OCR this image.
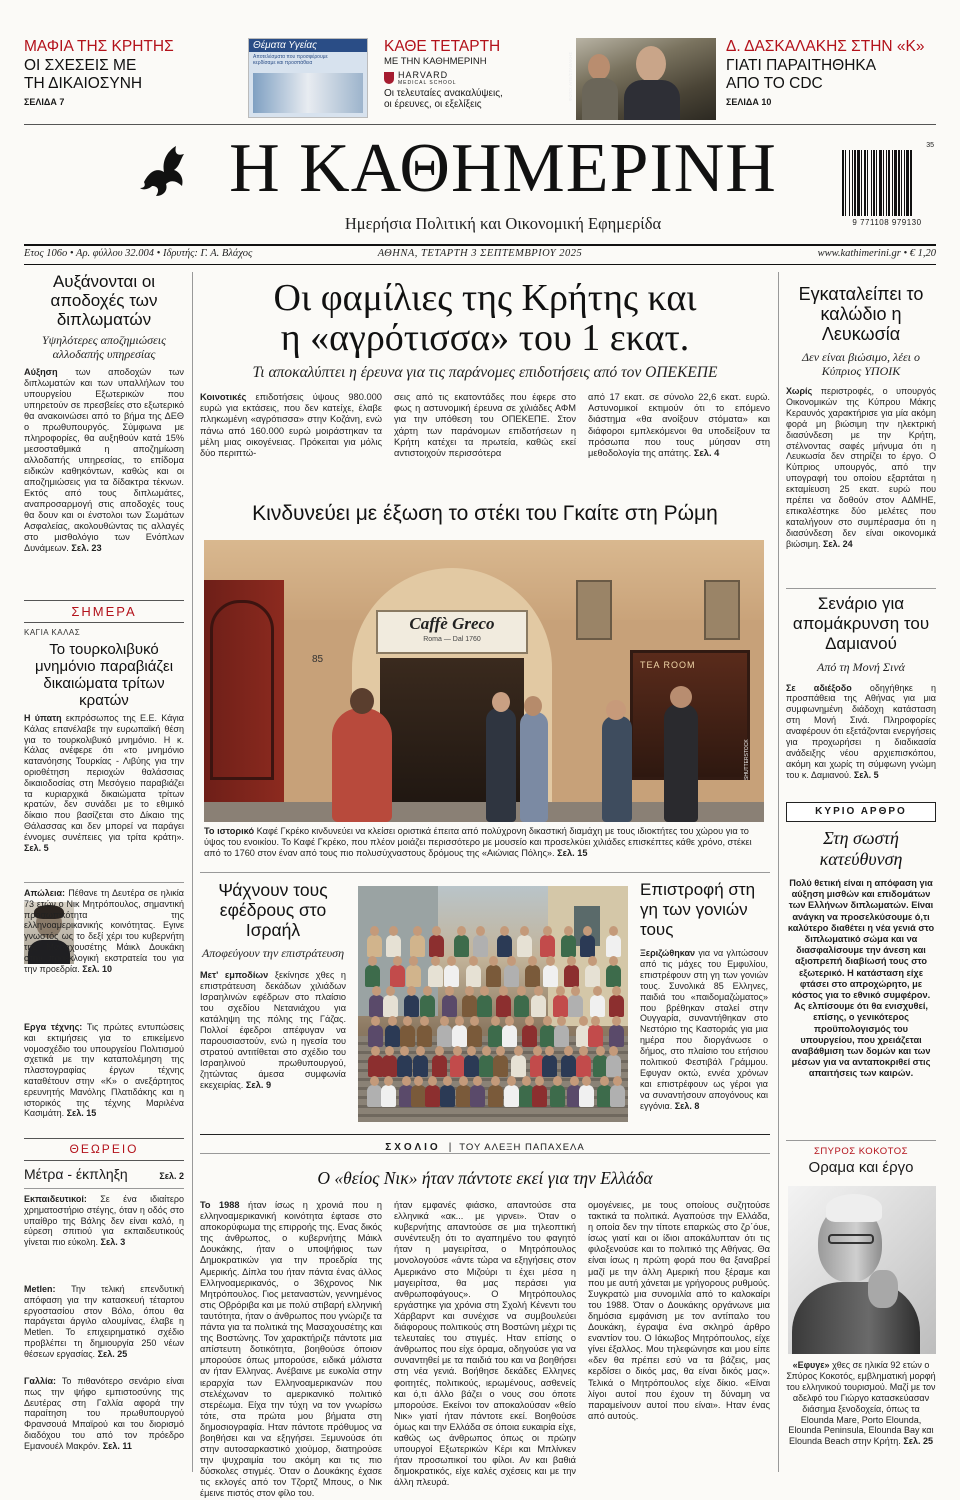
ΜΑΦΙΑ ΤΗΣ ΚΡΗΤΗΣ
ΟΙ ΣΧΕΣΕΙΣ ΜΕ
ΤΗ ΔΙΚΑΙΟΣΥΝΗ
ΣΕΛΙΔΑ 7
Θέματα Υγείας
Αποτελέσματα που προσφέρουμε κερδίσαμε και προσπάθεια
ΚΑΘΕ ΤΕΤΑΡΤΗ
ΜΕ ΤΗΝ ΚΑΘΗΜΕΡΙΝΗ
HARVARD
MEDICAL SCHOOL
Οι τελευταίες ανακαλύψεις,
οι έρευνες, οι εξελίξεις
ΦΩΤΟ: ΑΠΕ/ΣΤΑΘΑΚΗΣ
Δ. ΔΑΣΚΑΛΑΚΗΣ ΣΤΗΝ «Κ»
ΓΙΑΤΙ ΠΑΡΑΙΤΗΘΗΚΑ
ΑΠΟ ΤΟ CDC
ΣΕΛΙΔΑ 10
Η ΚΑΘΗΜΕΡΙΝΗ
Ημερήσια Πολιτική και Οικονομική Εφημερίδα
35
9 771108 979130
Ετος 106ο • Αρ. φύλλου 32.004 • Ιδρυτής: Γ. Α. Βλάχος	ΑΘΗΝΑ, ΤΕΤΑΡΤΗ 3 ΣΕΠΤΕΜΒΡΙΟΥ 2025	www.kathimerini.gr • € 1,20
Αυξάνονται οι αποδοχές των διπλωματών
Υψηλότερες αποζημιώσεις αλλοδαπής υπηρεσίας
Αύξηση των αποδοχών των διπλωματών και των υπαλλήλων του υπουργείου Εξωτερικών που υπηρετούν σε πρεσβείες στο εξωτερικό θα ανακοινώσει από το βήμα της ΔΕΘ ο πρωθυπουργός. Σύμφωνα με πληροφορίες, θα αυξηθούν κατά 15% μεσοσταθμικά η αποζημίωση αλλοδαπής υπηρεσίας, το επίδομα ειδικών καθηκόντων, καθώς και οι αποζημιώσεις για τα δίδακτρα τέκνων. Εκτός από τους διπλωμάτες, αναπροσαρμογή στις αποδοχές τους θα δουν και οι ένστολοι των Σωμάτων Ασφαλείας, ακολουθώντας τις αλλαγές στο μισθολόγιο των Ενόπλων Δυνάμεων. Σελ. 23
ΣΗΜΕΡΑ
ΚΑΓΙΑ ΚΑΛΑΣ
Το τουρκολιβυκό μνημόνιο παραβιάζει δικαιώματα τρίτων κρατών
Η ύπατη εκπρόσωπος της Ε.Ε. Κάγια Κάλας επανέλαβε την ευρωπαϊκή θέση για το τουρκολιβυκό μνημόνιο. Η κ. Κάλας ανέφερε ότι «το μνημόνιο κατανόησης Τουρκίας - Λιβύης για την οριοθέτηση περιοχών θαλάσσιας δικαιοδοσίας στη Μεσόγειο παραβιάζει τα κυριαρχικά δικαιώματα τρίτων κρατών, δεν συνάδει με το εθιμικό δίκαιο που βασίζεται στο Δίκαιο της Θάλασσας και δεν μπορεί να παράγει έννομες συνέπειες για τρίτα κράτη». Σελ. 5
Απώλεια: Πέθανε τη Δευτέρα σε ηλικία 73 ετών ο Νικ Μητρόπουλος, σημαντική προσωπικότητα της ελληνοαμερικανικής κοινότητας. Εγινε γνωστός ως το δεξί χέρι του κυβερνήτη της Μασαχουσέτης Μάικλ Δουκάκη στην προεκλογική εκστρατεία του για την προεδρία. Σελ. 10
Εργα τέχνης: Τις πρώτες εντυπώσεις και εκτιμήσεις για το επικείμενο νομοσχέδιο του υπουργείου Πολιτισμού σχετικά με την καταπολέμηση της πλαστογραφίας έργων τέχνης καταθέτουν στην «Κ» ο ανεξάρτητος ερευνητής Μανόλης Πλατιδάκης και η ιστορικός της τέχνης Μαριλένα Κασιμάτη. Σελ. 15
ΘΕΩΡΕΙΟ
Μέτρα - έκπληξη	Σελ. 2
Εκπαιδευτικοί: Σε ένα ιδιαίτερο χρηματοστήριο στέγης, όταν η οδός στο υπαίθρο της Βάλης δεν είναι καλό, η εύρεση σπιτιού για εκπαιδευτικούς γίνεται πιο εύκολη. Σελ. 3
Metlen: Την τελική επενδυτική απόφαση για την κατασκευή τέταρτου εργοστασίου στον Βόλο, όπου θα παράγεται άργιλο αλουμίνας, έλαβε η Metlen. Το επιχειρηματικό σχέδιο προβλέπει τη δημιουργία 250 νέων θέσεων εργασίας. Σελ. 25
Γαλλία: Το πιθανότερο σενάριο είναι πως την ψήφο εμπιστοσύνης της Δευτέρας στη Γαλλία αφορά την παραίτηση του πρωθυπουργού Φρανσουά Μπαϊρού και του διορισμό διαδόχου του από τον πρόεδρο Εμανουέλ Μακρόν. Σελ. 11
Οι φαμίλιες της Κρήτης και
η «αγρότισσα» του 1 εκατ.
Τι αποκαλύπτει η έρευνα για τις παράνομες επιδοτήσεις από τον ΟΠΕΚΕΠΕ
Κοινοτικές επιδοτήσεις ύψους 980.000 ευρώ για εκτάσεις, που δεν κατείχε, έλαβε πληκωμένη «αγρότισσα» στην Κοζάνη, ενώ πάνω από 160.000 ευρώ μοιράστηκαν τα μέλη μιας οικογένειας. Πρόκειται για μόλις δύο περιπτώ-
σεις από τις εκατοντάδες που έφερε στο φως η αστυνομική έρευνα σε χιλιάδες ΑΦΜ για την υπόθεση του ΟΠΕΚΕΠΕ. Στον χάρτη των παράνομων επιδοτήσεων η Κρήτη κατέχει τα πρωτεία, καθώς εκεί αντιστοιχούν περισσότερα
από 17 εκατ. σε σύνολο 22,6 εκατ. ευρώ. Αστυνομικοί εκτιμούν ότι το επόμενο διάστημα «θα ανοίξουν στόματα» και διάφοροι εμπλεκόμενοι θα υποδείξουν τα πρόσωπα που τους μύησαν στη μεθοδολογία της απάτης. Σελ. 4
Κινδυνεύει με έξωση το στέκι του Γκαίτε στη Ρώμη
Caffè Greco
Roma — Dal 1760
85	TEA ROOM
SHUTTERSTOCK
Το ιστορικό Καφέ Γκρέκο κινδυνεύει να κλείσει οριστικά έπειτα από πολύχρονη δικαστική διαμάχη με τους ιδιοκτήτες του χώρου για το ύψος του ενοικίου. Το Καφέ Γκρέκο, που πλέον μοιάζει περισσότερο με μουσείο και προσελκύει χιλιάδες επισκέπτες κάθε χρόνο, στέκει από το 1760 στον έναν από τους πιο πολυσύχναστους δρόμους της «Αιώνιας Πόλης». Σελ. 15
Ψάχνουν τους εφέδρους στο Ισραήλ
Αποφεύγουν την επιστράτευση
Μετ' εμποδίων ξεκίνησε χθες η επιστράτευση δεκάδων χιλιάδων Ισραηλινών εφέδρων στο πλαίσιο του σχεδίου Νετανιάχου για κατάληψη της πόλης της Γάζας. Πολλοί έφεδροι απέφυγαν να παρουσιαστούν, ενώ η ηγεσία του στρατού αντιτίθεται στο σχέδιο του Ισραηλινού πρωθυπουργού, ζητώντας άμεσα συμφωνία εκεχειρίας. Σελ. 9
Επιστροφή στη γη των γονιών τους
Ξεριζώθηκαν για να γλιτώσουν από τις μάχες του Εμφυλίου, επιστρέφουν στη γη των γονιών τους. Συνολικά 85 Ελληνες, παιδιά του «παιδομαζώματος» που βρέθηκαν σταλεί στην Ουγγαρία, συναντήθηκαν στο Νεστόριο της Καστοριάς για μια ημέρα που διοργάνωσε ο δήμος, στο πλαίσιο του ετήσιου πολιτικού Φεστιβάλ Γράμμου. Εφυγαν οκτώ, εννέα χρόνων και επιστρέφουν ως γέροι για να συναντήσουν απογόνους και εγγόνια. Σελ. 8
ΣΧΟΛΙΟ | ΤΟΥ ΑΛΕΞΗ ΠΑΠΑΧΕΛΑ
Ο «θείος Νικ» ήταν πάντοτε εκεί για την Ελλάδα
Το 1988 ήταν ίσως η χρονιά που η ελληνοαμερικανική κοινότητα έφτασε στο αποκορύφωμα της επιρροής της. Ενας δικός της άνθρωπος, ο κυβερνήτης Μάικλ Δουκάκης, ήταν ο υποψήφιος των Δημοκρατικών για την προεδρία της Αμερικής. Δίπλα του ήταν πάντα ένας άλλος Ελληνοαμερικανός, ο 36χρονος Νικ Μητρόπουλος. Γιος μεταναστών, γεννημένος στις Οβρόριβα και με πολύ στιβαρή ελληνική ταυτότητα, ήταν ο άνθρωπος που γνώριζε τα πάντα για τα πολιτικά της Μασαχουσέτης και της Βοστώνης. Τον χαρακτήριζε πάντοτε μια απίστευτη δοτικότητα, βοηθούσε όποιον μπορούσε όπως μπορούσε, ειδικά μάλιστα αν ήταν Ελληνας. Ανέβαινε με ευκολία στην ιεραρχία των Ελληνοαμερικανών που στελέχωναν το αμερικανικό πολιτικό στερέωμα. Είχα την τύχη να τον γνωρίσω τότε, στα πρώτα μου βήματα στη δημοσιογραφία. Ηταν πάντοτε πρόθυμος να βοηθήσει και να εξηγήσει. Ξεμυνούσε ότι στην αυτοσαρκαστικό χιούμορ, διατηρούσε την ψυχραιμία του ακόμη και τις πιο δύσκολες στιγμές. Όταν ο Δουκάκης έχασε τις εκλογές από τον Τζορτζ Μπους, ο Νικ έμεινε πιστός στον φίλο του.
ήταν εμφανές φιάσκο, απαντούσε στα ελληνικά «ακ... με γιρνει». Όταν ο κυβερνήτης απαντούσε σε μια τηλεοπτική συνέντευξη ότι το αγαπημένο του φαγητό ήταν η μαγειρίτσα, ο Μητρόπουλος μονολογούσε «άντε τώρα να εξηγήσεις στον Αμερικάνο στο Μιζούρι τι έχει μέσα η μαγειρίτσα, θα μας περάσει για ανθρωποφάγους». Ο Μητρόπουλος εργάστηκε για χρόνια στη Σχολή Κένεντι του Χάρβαρντ και συνέχισε να συμβουλεύει διάφορους πολιτικούς στη Βοστώνη μέχρι τις τελευταίες του στιγμές. Ηταν επίσης ο άνθρωπος που είχε όραμα, οδηγούσε για να συναντηθεί με τα παιδιά του και να βοηθήσει στη νέα γενιά. Βοήθησε δεκάδες Ελληνες φοιτητές, πολιτικούς, ιερωμένους, ασθενείς και ό,τι άλλο βάζει ο νους σου όποτε μπορούσε. Εκείνοι τον αποκαλούσαν «θείο Νικ» γιατί ήταν πάντοτε εκεί. Βοηθούσε όμως και την Ελλάδα σε όποια ευκαιρία είχε, καθώς ως άνθρωπος όπως οι πρώην υπουργοί Εξωτερικών Κέρι και Μπλίνκεν ήταν προσωπικοί του φίλοι. Αν και βαθιά δημοκρατικός, είχε καλές σχέσεις και με την άλλη πλευρά.
ομογένειες, με τους οποίους συζητούσε τακτικά τα πολιτικά. Αγαπούσε την Ελλάδα, η οποία δεν την τίποτε επαρκώς στο ζρ΄όυε, ίσως γιατί και οι ίδιοι αποκάλυπταν ότι τις φιλοξενούσε και το πολιτικό της Αθήνας. Θα είναι ίσως η πρώτη φορά που θα ξαναβρεί μαζί με την άλλη Αμερική που ξέραμε και που με αυτή χάνεται με γρήγορους ρυθμούς. Συγκρατώ μια συνομιλία από το καλοκαίρι του 1988. Όταν ο Δουκάκης οργάνωνε μια δημόσια εμφάνιση με τον αντίπαλο του Δουκάκη, έγραψα ένα σκληρό άρθρο εναντίον του. Ο Ιάκωβος Μητρόπουλος, είχε γίνει έξαλλος. Μου τηλεφώνησε και μου είπε «δεν θα πρέπει εσύ να τα βάζεις, μας κερδίσει ο δικός μας, θα είναι δικός μας». Τελικά ο Μητρόπουλος είχε δίκιο. «Είναι λίγοι αυτοί που έχουν τη δύναμη να παραμείνουν αυτοί που είναι». Ηταν ένας από αυτούς.
Εγκαταλείπει το καλώδιο η Λευκωσία
Δεν είναι βιώσιμο, λέει ο Κύπριος ΥΠΟΙΚ
Χωρίς περιστροφές, ο υπουργός Οικονομικών της Κύπρου Μάκης Κεραυνός χαρακτήρισε για μία ακόμη φορά μη βιώσιμη την ηλεκτρική διασύνδεση με την Κρήτη, στέλνοντας σαφές μήνυμα ότι η Λευκωσία δεν στηρίζει το έργο. Ο Κύπριος υπουργός, από την υπογραφή του οποίου εξαρτάται η εκταμίευση 25 εκατ. ευρώ που πρέπει να δοθούν στον ΑΔΜΗΕ, επικαλέστηκε δύο μελέτες που καταλήγουν στο συμπέρασμα ότι η διασύνδεση δεν είναι οικονομικά βιώσιμη. Σελ. 24
Σενάριο για απομάκρυνση του Δαμιανού
Από τη Μονή Σινά
Σε αδιέξοδο οδηγήθηκε η προσπάθεια της Αθήνας για μια συμφωνημένη διάδοχη κατάσταση στη Μονή Σινά. Πληροφορίες αναφέρουν ότι εξετάζονται ενεργήσεις για προχωρήσει η διαδικασία ανάδειξης νέου αρχιεπισκόπου, ακόμη και χωρίς τη σύμφωνη γνώμη του κ. Δαμιανού. Σελ. 5
ΚΥΡΙΟ ΑΡΘΡΟ
Στη σωστή κατεύθυνση
Πολύ θετική είναι η απόφαση για αύξηση μισθών και επιδομάτων των Ελλήνων διπλωματών. Είναι ανάγκη να προσελκύσουμε ό,τι καλύτερο διαθέτει η νέα γενιά στο διπλωματικό σώμα και να διασφαλίσουμε την άνεση και αξιοπρεπή διαβίωσή τους στο εξωτερικό. Η κατάσταση είχε φτάσει στο απροχώρητο, με κόστος για το εθνικό συμφέρον. Ας ελπίσουμε ότι θα ενισχυθεί, επίσης, ο γενικότερος προϋπολογισμός του υπουργείου, που χρειάζεται αναβάθμιση των δομών και των μέσων για να ανταποκριθεί στις απαιτήσεις των καιρών.
ΣΠΥΡΟΣ ΚΟΚΟΤΟΣ
Οραμα και έργο
«Εφυγε» χθες σε ηλικία 92 ετών ο Σπύρος Κοκοτός, εμβληματική μορφή του ελληνικού τουρισμού. Μαζί με τον αδελφό του Γιώργο κατασκεύασαν διάσημα ξενοδοχεία, όπως τα Elounda Mare, Porto Elounda, Elounda Peninsula, Elounda Bay και Elounda Beach στην Κρήτη. Σελ. 25
